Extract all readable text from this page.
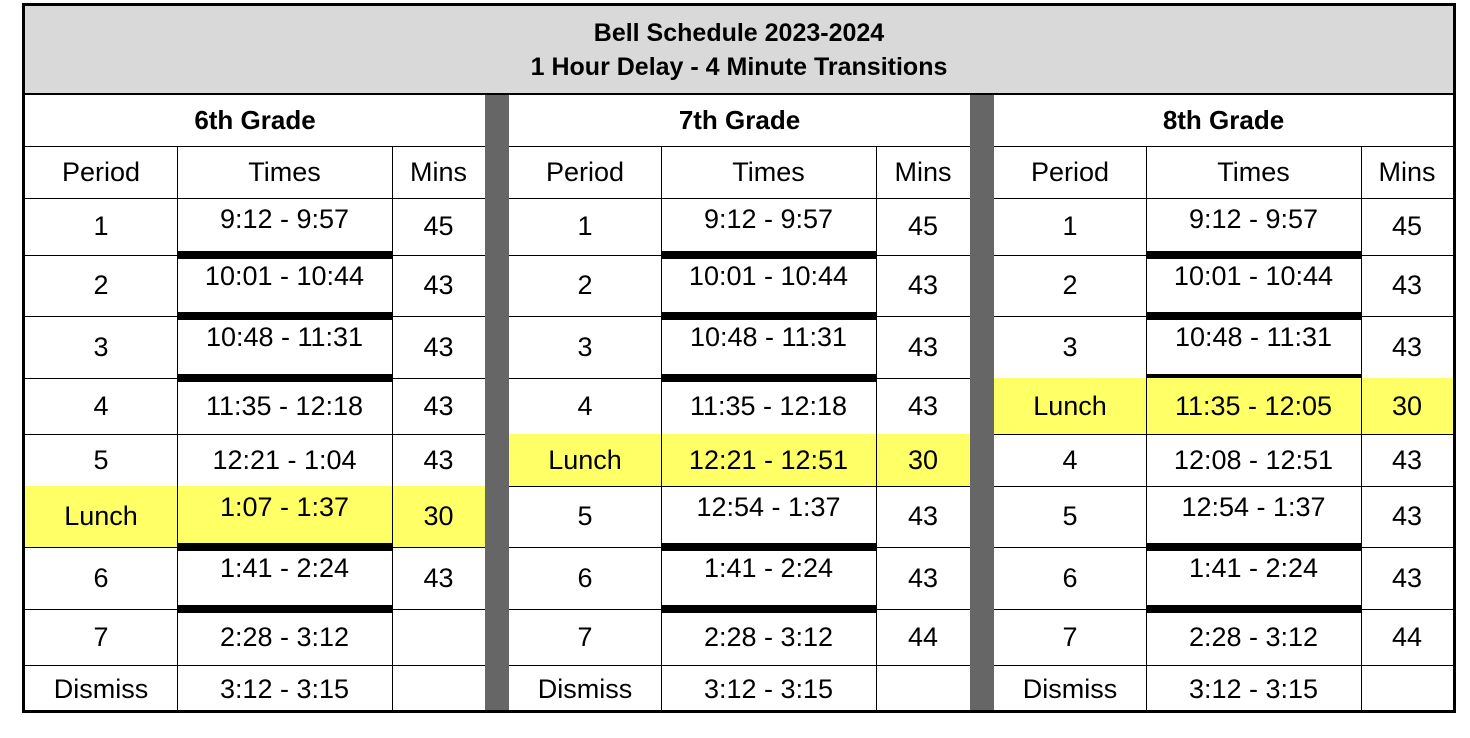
Bell Schedule 2023-2024
1 Hour Delay - 4 Minute Transitions
6th Grade
Period	Times	Mins
1	9:12 - 9:57	45
2	10:01 - 10:44	43
3	10:48 - 11:31	43
4	11:35 - 12:18	43
5	12:21 - 1:04	43
Lunch	1:07 - 1:37	30
6	1:41 - 2:24	43
7	2:28 - 3:12
Dismiss	3:12 - 3:15
7th Grade
Period	Times	Mins
1	9:12 - 9:57	45
2	10:01 - 10:44	43
3	10:48 - 11:31	43
4	11:35 - 12:18	43
Lunch	12:21 - 12:51	30
5	12:54 - 1:37	43
6	1:41 - 2:24	43
7	2:28 - 3:12	44
Dismiss	3:12 - 3:15
8th Grade
Period	Times	Mins
1	9:12 - 9:57	45
2	10:01 - 10:44	43
3	10:48 - 11:31	43
Lunch	11:35 - 12:05	30
4	12:08 - 12:51	43
5	12:54 - 1:37	43
6	1:41 - 2:24	43
7	2:28 - 3:12	44
Dismiss	3:12 - 3:15
